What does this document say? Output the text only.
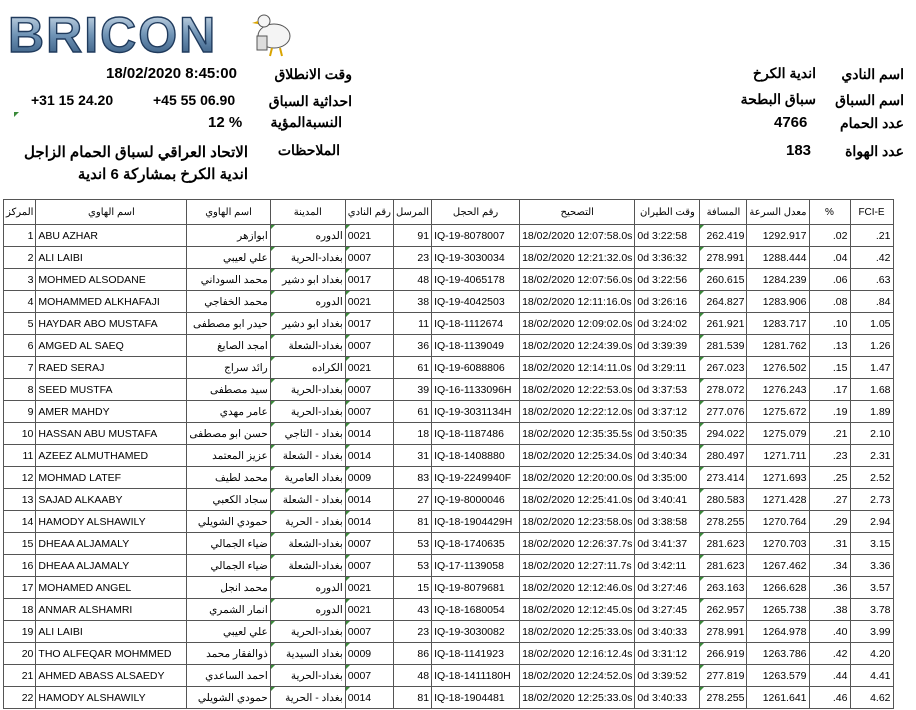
BRICON
18/02/2020 8:45:00	وقت الانطلاق
+31 15 24.20	+45 55 06.90	احداثية السباق
12 %	النسبةالمؤية
الملاحظات
الاتحاد العراقي لسباق الحمام الزاجل
اندية الكرخ بمشاركة 6 اندية
اسم النادي
اندية الكرخ
اسم السباق
سباق البطحة
عدد الحمام
4766
عدد الهواة
183
المركز	اسم الهاوي	اسم الهاوي	المدينة	رقم النادي	المرسل	رقم الحجل	التصحيح	وقت الطيران	المسافة	معدل السرعة	%	FCI-E
1	ABU AZHAR	ابوازهر	الدوره	0021	91	IQ-19-8078007	18/02/2020 12:07:58.0s	0d 3:22:58	262.419	1292.917	.02	.21
2	ALI LAIBI	علي لعيبي	بغداد-الحرية	0007	23	IQ-19-3030034	18/02/2020 12:21:32.0s	0d 3:36:32	278.991	1288.444	.04	.42
3	MOHMED ALSODANE	محمد السوداني	بغداد ابو دشير	0017	48	IQ-19-4065178	18/02/2020 12:07:56.0s	0d 3:22:56	260.615	1284.239	.06	.63
4	MOHAMMED ALKHAFAJI	محمد الخفاجي	الدوره	0021	38	IQ-19-4042503	18/02/2020 12:11:16.0s	0d 3:26:16	264.827	1283.906	.08	.84
5	HAYDAR ABO MUSTAFA	حيدر ابو مصطفى	بغداد ابو دشير	0017	11	IQ-18-1112674	18/02/2020 12:09:02.0s	0d 3:24:02	261.921	1283.717	.10	1.05
6	AMGED AL SAEQ	امجد الصايغ	بغداد-الشعلة	0007	36	IQ-18-1139049	18/02/2020 12:24:39.0s	0d 3:39:39	281.539	1281.762	.13	1.26
7	RAED SERAJ	رائد سراج	الكراده	0021	61	IQ-19-6088806	18/02/2020 12:14:11.0s	0d 3:29:11	267.023	1276.502	.15	1.47
8	SEED MUSTFA	سيد مصطفى	بغداد-الحرية	0007	39	IQ-16-1133096H	18/02/2020 12:22:53.0s	0d 3:37:53	278.072	1276.243	.17	1.68
9	AMER MAHDY	عامر مهدي	بغداد-الحرية	0007	61	IQ-19-3031134H	18/02/2020 12:22:12.0s	0d 3:37:12	277.076	1275.672	.19	1.89
10	HASSAN ABU MUSTAFA	حسن ابو مصطفى	بغداد - التاجي	0014	18	IQ-18-1187486	18/02/2020 12:35:35.5s	0d 3:50:35	294.022	1275.079	.21	2.10
11	AZEEZ ALMUTHAMED	عزيز المعتمد	بغداد - الشعلة	0014	31	IQ-18-1408880	18/02/2020 12:25:34.0s	0d 3:40:34	280.497	1271.711	.23	2.31
12	MOHMAD LATEF	محمد لطيف	بغداد العامرية	0009	83	IQ-19-2249940F	18/02/2020 12:20:00.0s	0d 3:35:00	273.414	1271.693	.25	2.52
13	SAJAD ALKAABY	سجاد الكعبي	بغداد - الشعلة	0014	27	IQ-19-8000046	18/02/2020 12:25:41.0s	0d 3:40:41	280.583	1271.428	.27	2.73
14	HAMODY ALSHAWILY	حمودي الشويلي	بغداد - الحرية	0014	81	IQ-18-1904429H	18/02/2020 12:23:58.0s	0d 3:38:58	278.255	1270.764	.29	2.94
15	DHEAA ALJAMALY	ضياء الجمالي	بغداد-الشعلة	0007	53	IQ-18-1740635	18/02/2020 12:26:37.7s	0d 3:41:37	281.623	1270.703	.31	3.15
16	DHEAA ALJAMALY	ضياء الجمالي	بغداد-الشعلة	0007	53	IQ-17-1139058	18/02/2020 12:27:11.7s	0d 3:42:11	281.623	1267.462	.34	3.36
17	MOHAMED ANGEL	محمد انجل	الدوره	0021	15	IQ-19-8079681	18/02/2020 12:12:46.0s	0d 3:27:46	263.163	1266.628	.36	3.57
18	ANMAR ALSHAMRI	انمار الشمري	الدوره	0021	43	IQ-18-1680054	18/02/2020 12:12:45.0s	0d 3:27:45	262.957	1265.738	.38	3.78
19	ALI LAIBI	علي لعيبي	بغداد-الحرية	0007	23	IQ-19-3030082	18/02/2020 12:25:33.0s	0d 3:40:33	278.991	1264.978	.40	3.99
20	THO ALFEQAR MOHMMED	ذوالفقار محمد	بغداد السيدية	0009	86	IQ-18-1141923	18/02/2020 12:16:12.4s	0d 3:31:12	266.919	1263.786	.42	4.20
21	AHMED ABASS ALSAEDY	احمد الساعدي	بغداد-الحرية	0007	48	IQ-18-1411180H	18/02/2020 12:24:52.0s	0d 3:39:52	277.819	1263.579	.44	4.41
22	HAMODY ALSHAWILY	حمودي الشويلي	بغداد - الحرية	0014	81	IQ-18-1904481	18/02/2020 12:25:33.0s	0d 3:40:33	278.255	1261.641	.46	4.62
